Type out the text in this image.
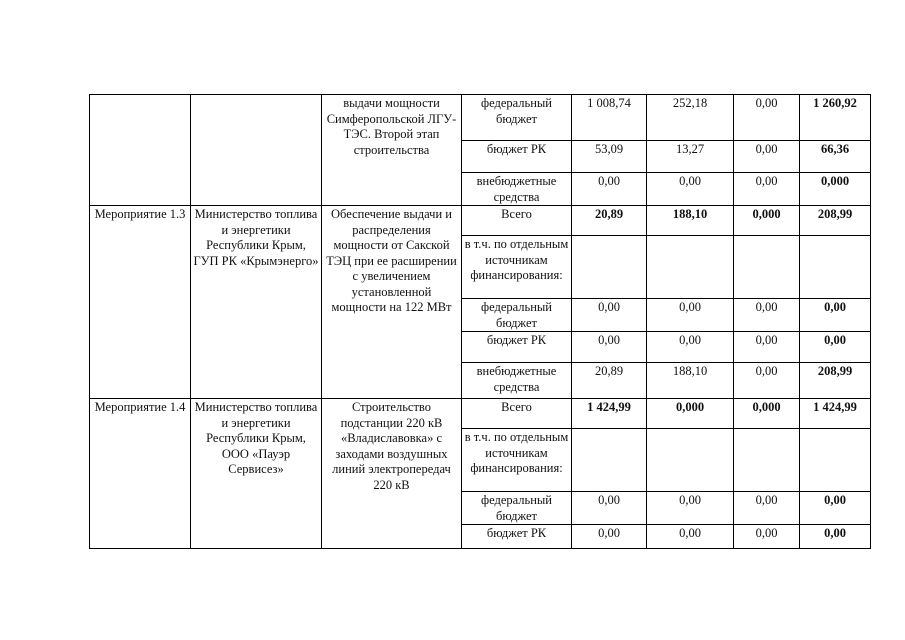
		выдачи мощности Симферопольской ЛГУ-ТЭС. Второй этап строительства	федеральный бюджет	1 008,74	252,18	0,00	1 260,92
			бюджет РК	53,09	13,27	0,00	66,36
			внебюджетные средства	0,00	0,00	0,00	0,000
Мероприятие 1.3	Министерство топлива и энергетики Республики Крым, ГУП РК «Крымэнерго»	Обеспечение выдачи и распределения мощности от Сакской ТЭЦ при ее расширении с увеличением установленной мощности на 122 МВт	Всего	20,89	188,10	0,000	208,99
			в т.ч. по отдельным источникам финансирования:				
			федеральный бюджет	0,00	0,00	0,00	0,00
			бюджет РК	0,00	0,00	0,00	0,00
			внебюджетные средства	20,89	188,10	0,00	208,99
Мероприятие 1.4	Министерство топлива и энергетики Республики Крым, ООО «Пауэр Сервисез»	Строительство подстанции 220 кВ «Владиславовка» с заходами воздушных линий электропередач 220 кВ	Всего	1 424,99	0,000	0,000	1 424,99
			в т.ч. по отдельным источникам финансирования:				
			федеральный бюджет	0,00	0,00	0,00	0,00
			бюджет РК	0,00	0,00	0,00	0,00
